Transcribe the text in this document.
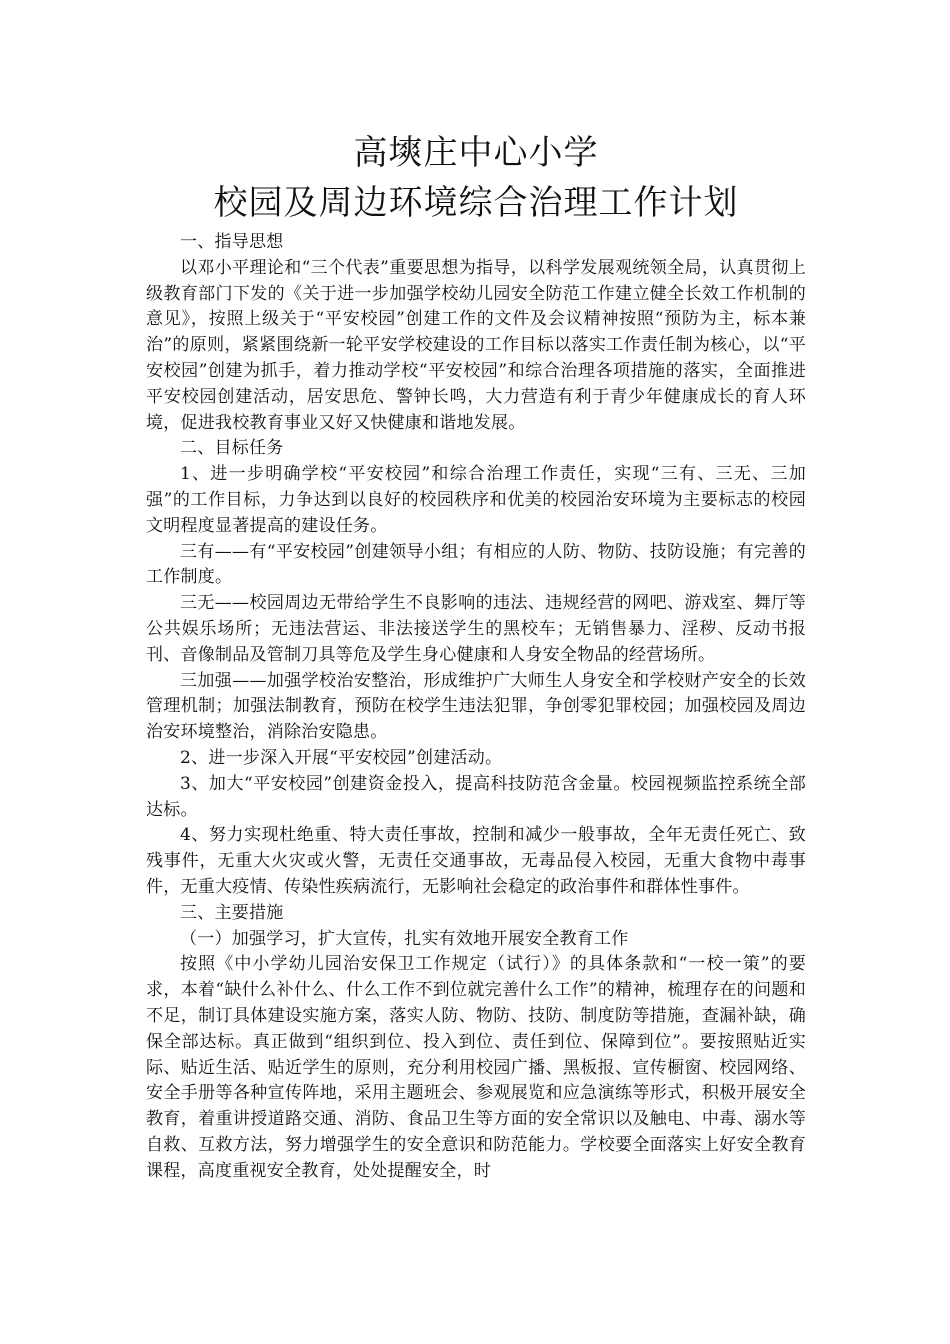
高塽庄中心小学
校园及周边环境综合治理工作计划

一、指导思想

以邓小平理论和“三个代表”重要思想为指导，以科学发展观统领全局，认真贯彻上级教育部门下发的《关于进一步加强学校幼儿园安全防范工作建立健全长效工作机制的意见》，按照上级关于“平安校园”创建工作的文件及会议精神按照“预防为主，标本兼治”的原则，紧紧围绕新一轮平安学校建设的工作目标以落实工作责任制为核心，以“平安校园”创建为抓手，着力推动学校“平安校园”和综合治理各项措施的落实，全面推进平安校园创建活动，居安思危、警钟长鸣，大力营造有利于青少年健康成长的育人环境，促进我校教育事业又好又快健康和谐地发展。

二、目标任务

1、进一步明确学校“平安校园”和综合治理工作责任，实现“三有、三无、三加强”的工作目标，力争达到以良好的校园秩序和优美的校园治安环境为主要标志的校园文明程度显著提高的建设任务。

三有——有“平安校园”创建领导小组；有相应的人防、物防、技防设施；有完善的工作制度。

三无——校园周边无带给学生不良影响的违法、违规经营的网吧、游戏室、舞厅等公共娱乐场所；无违法营运、非法接送学生的黑校车；无销售暴力、淫秽、反动书报刊、音像制品及管制刀具等危及学生身心健康和人身安全物品的经营场所。

三加强——加强学校治安整治，形成维护广大师生人身安全和学校财产安全的长效管理机制；加强法制教育，预防在校学生违法犯罪，争创零犯罪校园；加强校园及周边治安环境整治，消除治安隐患。

2、进一步深入开展“平安校园”创建活动。

3、加大“平安校园”创建资金投入，提高科技防范含金量。校园视频监控系统全部达标。

4、努力实现杜绝重、特大责任事故，控制和减少一般事故，全年无责任死亡、致残事件，无重大火灾或火警，无责任交通事故，无毒品侵入校园，无重大食物中毒事件，无重大疫情、传染性疾病流行，无影响社会稳定的政治事件和群体性事件。

三、主要措施

（一）加强学习，扩大宣传，扎实有效地开展安全教育工作

按照《中小学幼儿园治安保卫工作规定（试行）》的具体条款和“一校一策”的要求，本着“缺什么补什么、什么工作不到位就完善什么工作”的精神，梳理存在的问题和不足，制订具体建设实施方案，落实人防、物防、技防、制度防等措施，查漏补缺，确保全部达标。真正做到“组织到位、投入到位、责任到位、保障到位”。要按照贴近实际、贴近生活、贴近学生的原则，充分利用校园广播、黑板报、宣传橱窗、校园网络、安全手册等各种宣传阵地，采用主题班会、参观展览和应急演练等形式，积极开展安全教育，着重讲授道路交通、消防、食品卫生等方面的安全常识以及触电、中毒、溺水等自救、互救方法，努力增强学生的安全意识和防范能力。学校要全面落实上好安全教育课程，高度重视安全教育，处处提醒安全，时
